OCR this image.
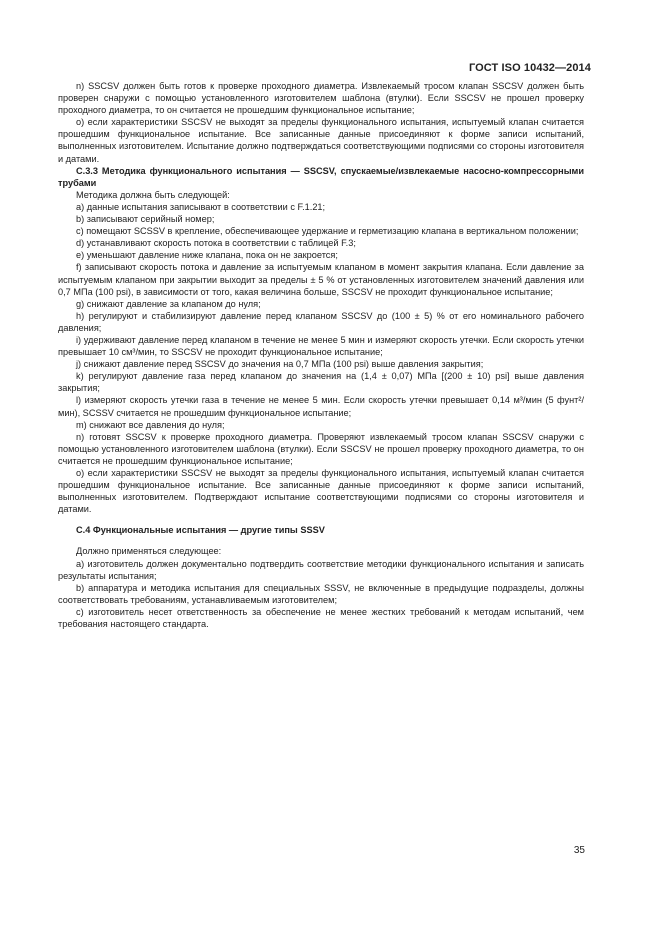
ГОСТ ISO 10432—2014

n) SSCSV должен быть готов к проверке проходного диаметра. Извлекаемый тросом клапан SSCSV должен быть проверен снаружи с помощью установленного изготовителем шаблона (втулки). Если SSCSV не прошел проверку проходного диаметра, то он считается не прошедшим функциональное испытание;

o) если характеристики SSCSV не выходят за пределы функционального испытания, испытуемый клапан считается прошедшим функциональное испытание. Все записанные данные присоединяют к форме записи испытаний, выполненных изготовителем. Испытание должно подтверждаться соответствующими подписями со стороны изготовителя и датами.

С.3.3 Методика функционального испытания — SSCSV, спускаемые/извлекаемые насосно-компрессорными трубами

Методика должна быть следующей:

a) данные испытания записывают в соответствии с F.1.21;

b) записывают серийный номер;

c) помещают SCSSV в крепление, обеспечивающее удержание и герметизацию клапана в вертикальном положении;

d) устанавливают скорость потока в соответствии с таблицей F.3;

e) уменьшают давление ниже клапана, пока он не закроется;

f) записывают скорость потока и давление за испытуемым клапаном в момент закрытия клапана. Если давление за испытуемым клапаном при закрытии выходит за пределы ± 5 % от установленных изготовителем значений давления или 0,7 МПа (100 psi), в зависимости от того, какая величина больше, SSCSV не проходит функциональное испытание;

g) снижают давление за клапаном до нуля;

h) регулируют и стабилизируют давление перед клапаном SSCSV до (100 ± 5) % от его номинального рабочего давления;

i) удерживают давление перед клапаном в течение не менее 5 мин и измеряют скорость утечки. Если скорость утечки превышает 10 см³/мин, то SSCSV не проходит функциональное испытание;

j) снижают давление перед SSCSV до значения на 0,7 МПа (100 psi) выше давления закрытия;

k) регулируют давление газа перед клапаном до значения на (1,4 ± 0,07) МПа [(200 ± 10) psi] выше давления закрытия;

l) измеряют скорость утечки газа в течение не менее 5 мин. Если скорость утечки превышает 0,14 м³/мин (5 фунт²/мин), SCSSV считается не прошедшим функциональное испытание;

m) снижают все давления до нуля;

n) готовят SSCSV к проверке проходного диаметра. Проверяют извлекаемый тросом клапан SSCSV снаружи с помощью установленного изготовителем шаблона (втулки). Если SSCSV не прошел проверку проходного диаметра, то он считается не прошедшим функциональное испытание;

o) если характеристики SSCSV не выходят за пределы функционального испытания, испытуемый клапан считается прошедшим функциональное испытание. Все записанные данные присоединяют к форме записи испытаний, выполненных изготовителем. Подтверждают испытание соответствующими подписями со стороны изготовителя и датами.

С.4 Функциональные испытания — другие типы SSSV

Должно применяться следующее:

a) изготовитель должен документально подтвердить соответствие методики функционального испытания и записать результаты испытания;

b) аппаратура и методика испытания для специальных SSSV, не включенные в предыдущие подразделы, должны соответствовать требованиям, устанавливаемым изготовителем;

c) изготовитель несет ответственность за обеспечение не менее жестких требований к методам испытаний, чем требования настоящего стандарта.

35
